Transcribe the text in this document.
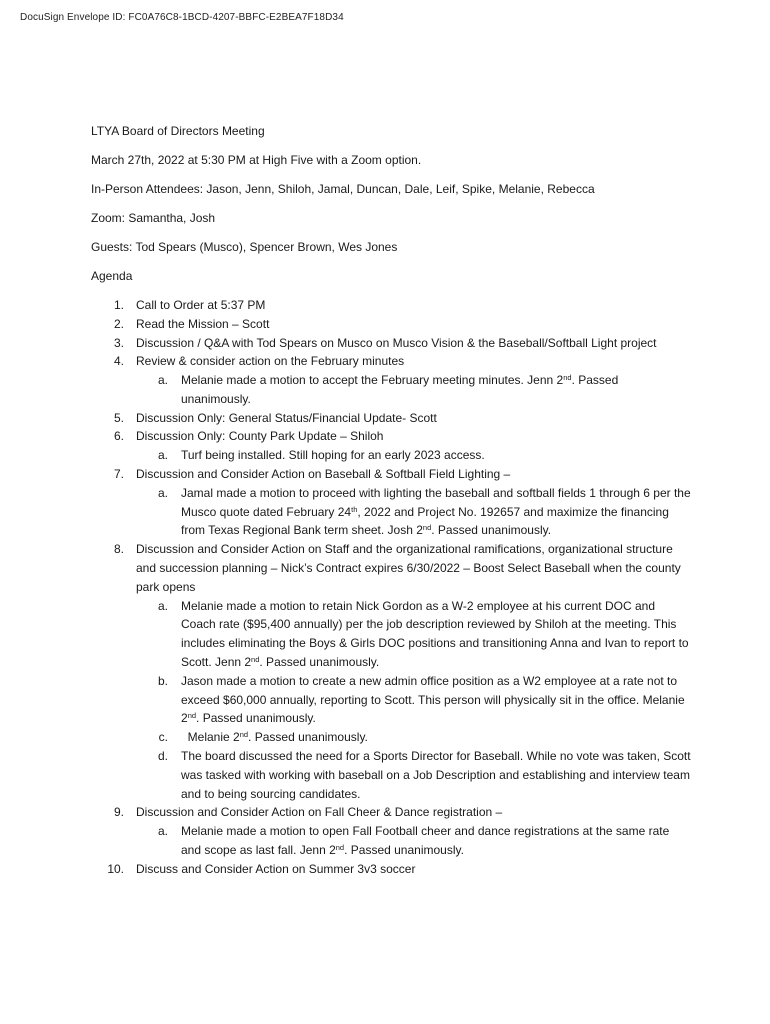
DocuSign Envelope ID: FC0A76C8-1BCD-4207-BBFC-E2BEA7F18D34

LTYA Board of Directors Meeting

March 27th, 2022 at 5:30 PM at High Five with a Zoom option.

In-Person Attendees: Jason, Jenn, Shiloh, Jamal, Duncan, Dale, Leif, Spike, Melanie, Rebecca

Zoom: Samantha, Josh

Guests: Tod Spears (Musco), Spencer Brown, Wes Jones

Agenda

1. Call to Order at 5:37 PM
2. Read the Mission – Scott
3. Discussion / Q&A with Tod Spears on Musco on Musco Vision & the Baseball/Softball Light project
4. Review & consider action on the February minutes
a. Melanie made a motion to accept the February meeting minutes. Jenn 2nd. Passed unanimously.
5. Discussion Only: General Status/Financial Update- Scott
6. Discussion Only: County Park Update – Shiloh
a. Turf being installed. Still hoping for an early 2023 access.
7. Discussion and Consider Action on Baseball & Softball Field Lighting –
a. Jamal made a motion to proceed with lighting the baseball and softball fields 1 through 6 per the Musco quote dated February 24th, 2022 and Project No. 192657 and maximize the financing from Texas Regional Bank term sheet. Josh 2nd. Passed unanimously.
8. Discussion and Consider Action on Staff and the organizational ramifications, organizational structure and succession planning – Nick’s Contract expires 6/30/2022 – Boost Select Baseball when the county park opens
a. Melanie made a motion to retain Nick Gordon as a W-2 employee at his current DOC and Coach rate ($95,400 annually) per the job description reviewed by Shiloh at the meeting. This includes eliminating the Boys & Girls DOC positions and transitioning Anna and Ivan to report to Scott. Jenn 2nd. Passed unanimously.
b. Jason made a motion to create a new admin office position as a W2 employee at a rate not to exceed $60,000 annually, reporting to Scott. This person will physically sit in the office. Melanie 2nd. Passed unanimously.
c. Melanie 2nd. Passed unanimously.
d. The board discussed the need for a Sports Director for Baseball. While no vote was taken, Scott was tasked with working with baseball on a Job Description and establishing and interview team and to being sourcing candidates.
9. Discussion and Consider Action on Fall Cheer & Dance registration –
a. Melanie made a motion to open Fall Football cheer and dance registrations at the same rate and scope as last fall. Jenn 2nd. Passed unanimously.
10. Discuss and Consider Action on Summer 3v3 soccer
